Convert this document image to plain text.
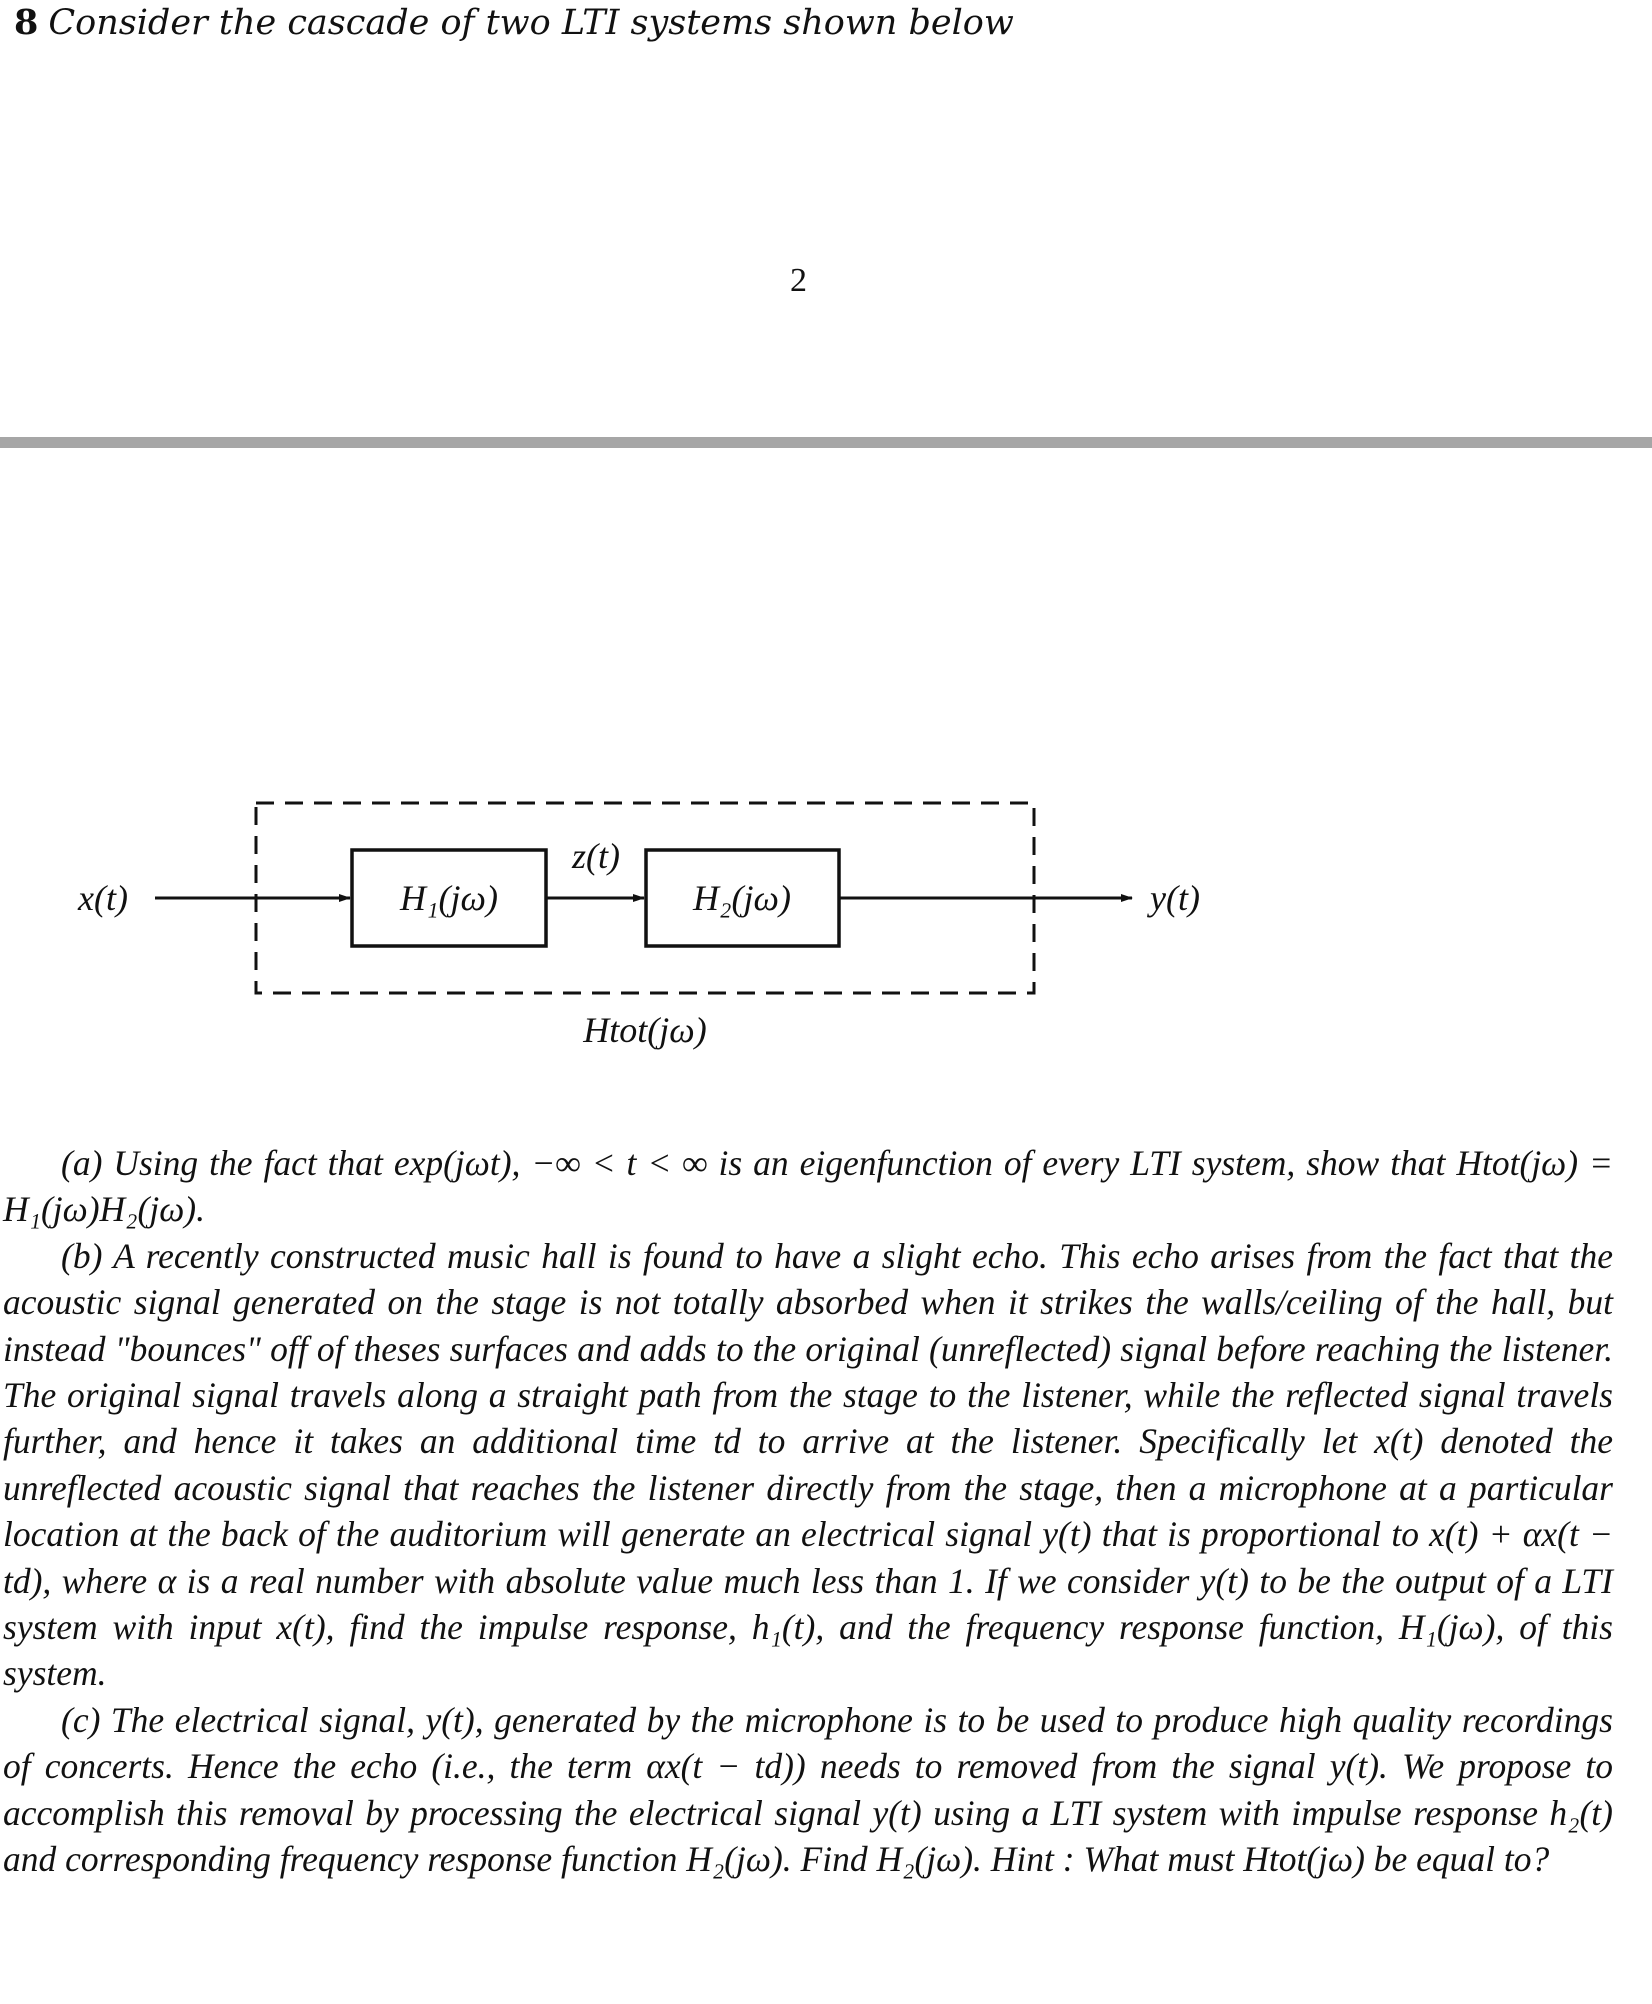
8 Consider the cascade of two LTI systems shown below
2
x(t)	H₁(jω)
z(t)
H₂(jω)	y(t)
Htot(jω)

(a) Using the fact that exp(jωt), −∞ < t < ∞ is an eigenfunction of every LTI system, show that Htot(jω) = H₁(jω)H₂(jω).

(b) A recently constructed music hall is found to have a slight echo. This echo arises from the fact that the acoustic signal generated on the stage is not totally absorbed when it strikes the walls/ceiling of the hall, but instead "bounces" off of theses surfaces and adds to the original (unreflected) signal before reaching the listener. The original signal travels along a straight path from the stage to the listener, while the reflected signal travels further, and hence it takes an additional time td to arrive at the listener. Specifically let x(t) denoted the unreflected acoustic signal that reaches the listener directly from the stage, then a microphone at a particular location at the back of the auditorium will generate an electrical signal y(t) that is proportional to x(t) + αx(t − td), where α is a real number with absolute value much less than 1. If we consider y(t) to be the output of a LTI system with input x(t), find the impulse response, h₁(t), and the frequency response function, H₁(jω), of this system.

(c) The electrical signal, y(t), generated by the microphone is to be used to produce high quality recordings of concerts. Hence the echo (i.e., the term αx(t − td)) needs to removed from the signal y(t). We propose to accomplish this removal by processing the electrical signal y(t) using a LTI system with impulse response h₂(t) and corresponding frequency response function H₂(jω). Find H₂(jω). Hint : What must Htot(jω) be equal to?
